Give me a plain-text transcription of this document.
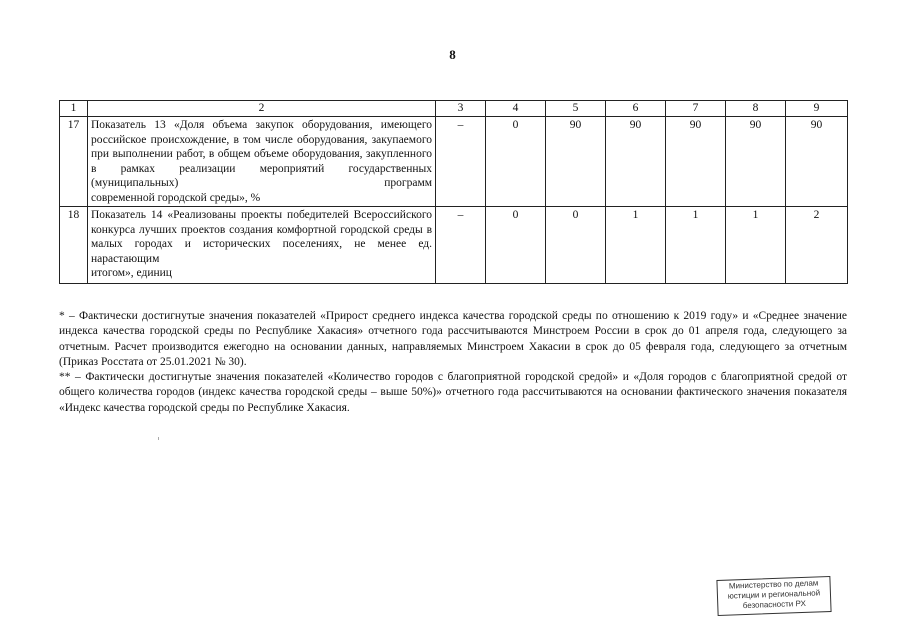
8
1	2	3	4	5	6	7	8	9
17	Показатель 13 «Доля объема закупок оборудования, имеющего российское происхождение, в том числе оборудования, закупаемого при выполнении работ, в общем объеме оборудования, закупленного в рамках реализации мероприятий государственных (муниципальных) программ
современной городской среды», %	–	0	90	90	90	90	90
18	Показатель 14 «Реализованы проекты победителей Всероссийского конкурса лучших проектов создания комфортной городской среды в малых городах и исторических поселениях, не менее ед. нарастающим
итогом», единиц	–	0	0	1	1	1	2

* – Фактически достигнутые значения показателей «Прирост среднего индекса качества городской среды по отношению к 2019 году» и «Среднее значение индекса качества городской среды по Республике Хакасия» отчетного года рассчитываются Минстроем России в срок до 01 апреля года, следующего за отчетным. Расчет производится ежегодно на основании данных, направляемых Минстроем Хакасии в срок до 05 февраля года, следующего за отчетным (Приказ Росстата от 25.01.2021 № 30).

** – Фактически достигнутые значения показателей «Количество городов с благоприятной городской средой» и «Доля городов с благоприятной средой от общего количества городов (индекс качества городской среды – выше 50%)» отчетного года рассчитываются на основании фактического значения показателя «Индекс качества городской среды по Республике Хакасия.

Министерство по делам
юстиции и региональной
безопасности РХ
